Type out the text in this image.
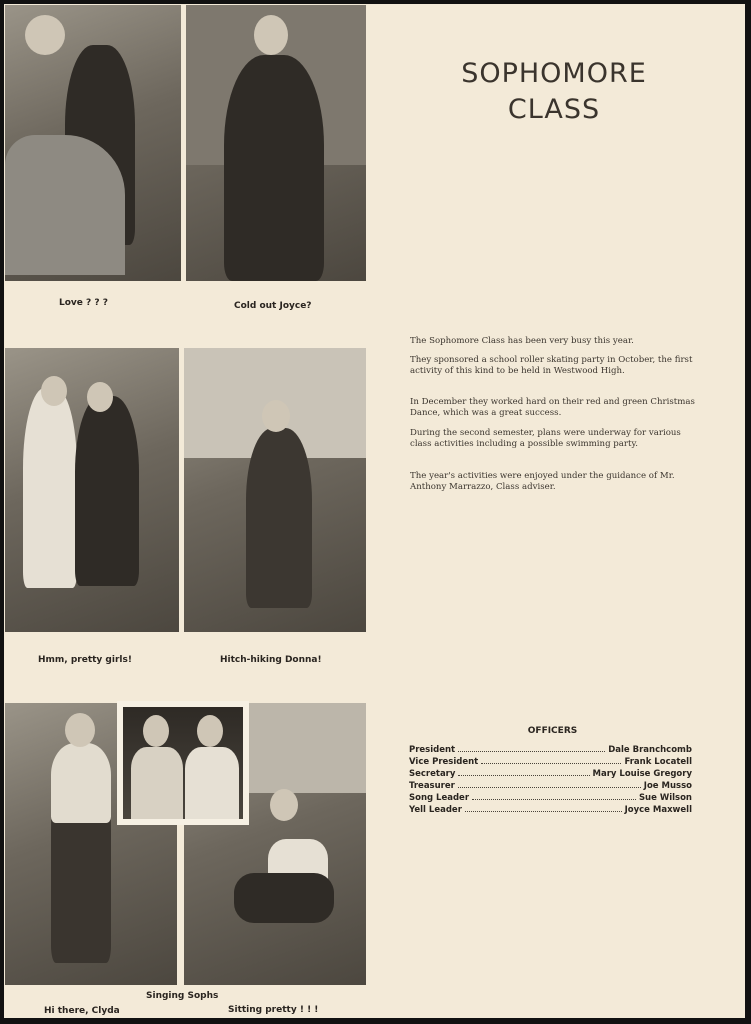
Love ? ? ?	Cold out Joyce?
Hmm, pretty girls!	Hitch-hiking Donna!
Hi there, Clyda
Singing Sophs
Sitting pretty ! ! !
SOPHOMORE
CLASS

The Sophomore Class has been very busy this year.

They sponsored a school roller skating party in October, the first activity of this kind to be held in Westwood High.

In December they worked hard on their red and green Christmas Dance, which was a great success.

During the second semester, plans were underway for various class activities including a possible swimming party.

The year's activities were enjoyed under the guidance of Mr. Anthony Marrazzo, Class adviser.

OFFICERS
President	Dale Branchcomb
Vice President	Frank Locatell
Secretary	Mary Louise Gregory
Treasurer	Joe Musso
Song Leader	Sue Wilson
Yell Leader	Joyce Maxwell
